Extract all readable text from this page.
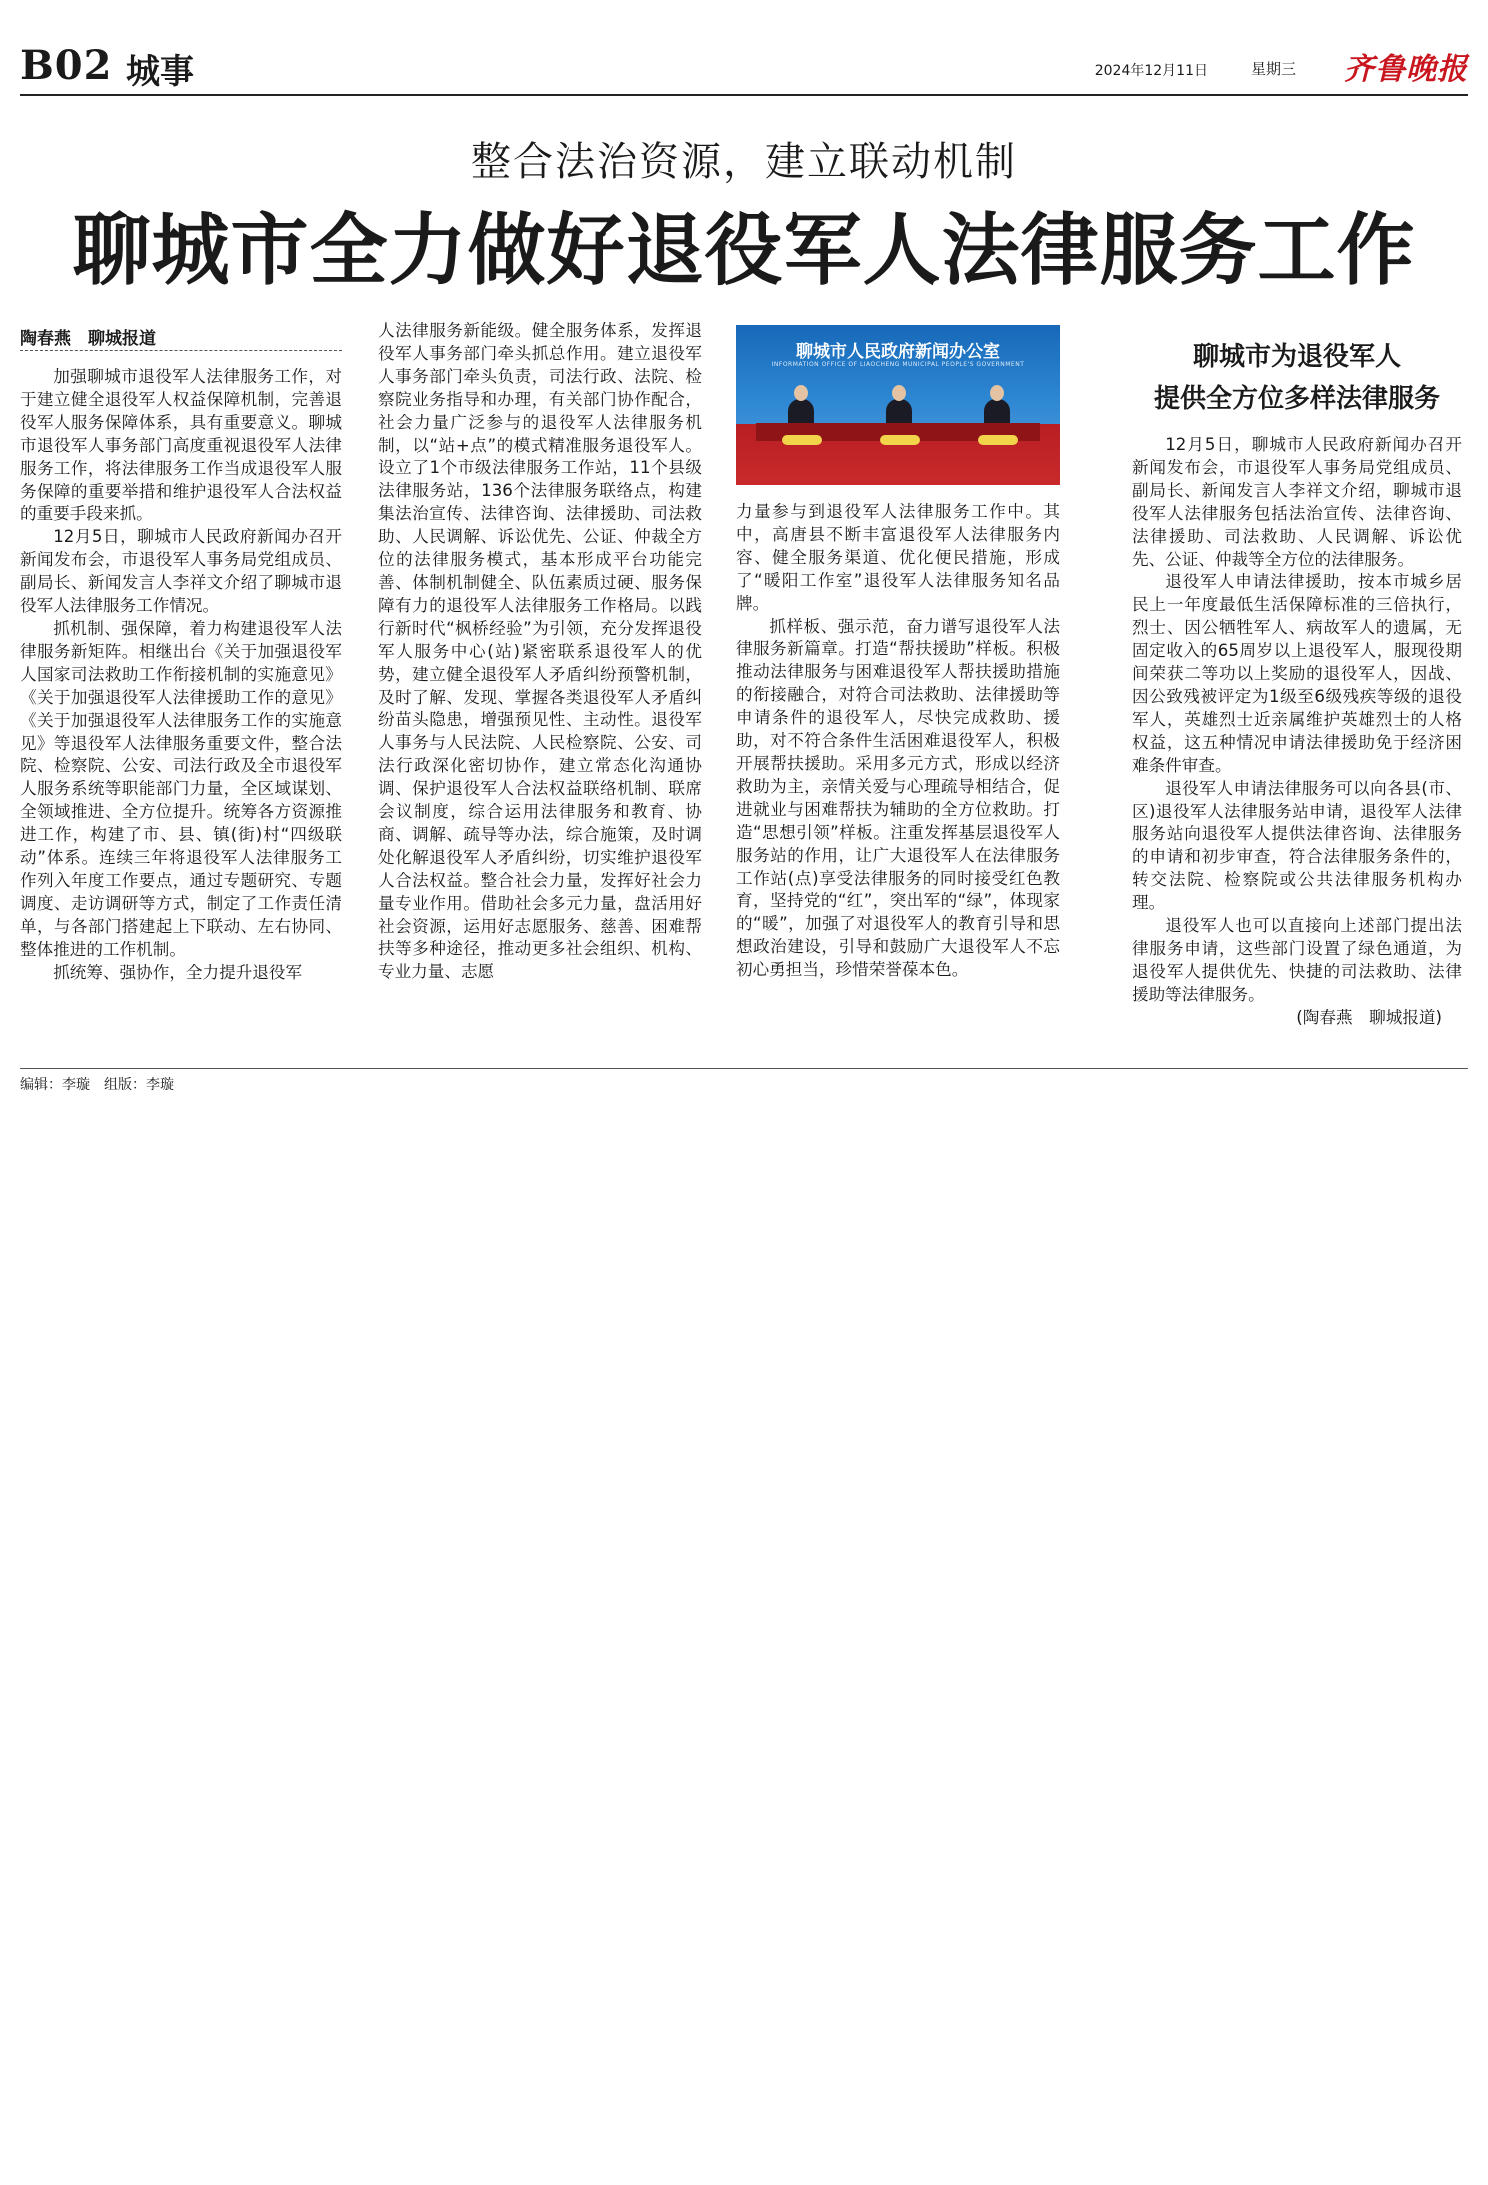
B02 城事	2024年12月11日	星期三 齐鲁晚报
整合法治资源，建立联动机制
聊城市全力做好退役军人法律服务工作
陶春燕　聊城报道

加强聊城市退役军人法律服务工作，对于建立健全退役军人权益保障机制，完善退役军人服务保障体系，具有重要意义。聊城市退役军人事务部门高度重视退役军人法律服务工作，将法律服务工作当成退役军人服务保障的重要举措和维护退役军人合法权益的重要手段来抓。

12月5日，聊城市人民政府新闻办召开新闻发布会，市退役军人事务局党组成员、副局长、新闻发言人李祥文介绍了聊城市退役军人法律服务工作情况。

抓机制、强保障，着力构建退役军人法律服务新矩阵。相继出台《关于加强退役军人国家司法救助工作衔接机制的实施意见》《关于加强退役军人法律援助工作的意见》《关于加强退役军人法律服务工作的实施意见》等退役军人法律服务重要文件，整合法院、检察院、公安、司法行政及全市退役军人服务系统等职能部门力量，全区域谋划、全领域推进、全方位提升。统筹各方资源推进工作，构建了市、县、镇(街)村“四级联动”体系。连续三年将退役军人法律服务工作列入年度工作要点，通过专题研究、专题调度、走访调研等方式，制定了工作责任清单，与各部门搭建起上下联动、左右协同、整体推进的工作机制。

抓统筹、强协作，全力提升退役军

人法律服务新能级。健全服务体系，发挥退役军人事务部门牵头抓总作用。建立退役军人事务部门牵头负责，司法行政、法院、检察院业务指导和办理，有关部门协作配合，社会力量广泛参与的退役军人法律服务机制，以“站+点”的模式精准服务退役军人。设立了1个市级法律服务工作站，11个县级法律服务站，136个法律服务联络点，构建集法治宣传、法律咨询、法律援助、司法救助、人民调解、诉讼优先、公证、仲裁全方位的法律服务模式，基本形成平台功能完善、体制机制健全、队伍素质过硬、服务保障有力的退役军人法律服务工作格局。以践行新时代“枫桥经验”为引领，充分发挥退役军人服务中心(站)紧密联系退役军人的优势，建立健全退役军人矛盾纠纷预警机制，及时了解、发现、掌握各类退役军人矛盾纠纷苗头隐患，增强预见性、主动性。退役军人事务与人民法院、人民检察院、公安、司法行政深化密切协作，建立常态化沟通协调、保护退役军人合法权益联络机制、联席会议制度，综合运用法律服务和教育、协商、调解、疏导等办法，综合施策，及时调处化解退役军人矛盾纠纷，切实维护退役军人合法权益。整合社会力量，发挥好社会力量专业作用。借助社会多元力量，盘活用好社会资源，运用好志愿服务、慈善、困难帮扶等多种途径，推动更多社会组织、机构、专业力量、志愿

聊城市人民政府新闻办公室
INFORMATION OFFICE OF LIAOCHENG MUNICIPAL PEOPLE'S GOVERNMENT

力量参与到退役军人法律服务工作中。其中，高唐县不断丰富退役军人法律服务内容、健全服务渠道、优化便民措施，形成了“暖阳工作室”退役军人法律服务知名品牌。

抓样板、强示范，奋力谱写退役军人法律服务新篇章。打造“帮扶援助”样板。积极推动法律服务与困难退役军人帮扶援助措施的衔接融合，对符合司法救助、法律援助等申请条件的退役军人，尽快完成救助、援助，对不符合条件生活困难退役军人，积极开展帮扶援助。采用多元方式，形成以经济救助为主，亲情关爱与心理疏导相结合，促进就业与困难帮扶为辅助的全方位救助。打造“思想引领”样板。注重发挥基层退役军人服务站的作用，让广大退役军人在法律服务工作站(点)享受法律服务的同时接受红色教育，坚持党的“红”，突出军的“绿”，体现家的“暖”，加强了对退役军人的教育引导和思想政治建设，引导和鼓励广大退役军人不忘初心勇担当，珍惜荣誉葆本色。

聊城市为退役军人
提供全方位多样法律服务

12月5日，聊城市人民政府新闻办召开新闻发布会，市退役军人事务局党组成员、副局长、新闻发言人李祥文介绍，聊城市退役军人法律服务包括法治宣传、法律咨询、法律援助、司法救助、人民调解、诉讼优先、公证、仲裁等全方位的法律服务。

退役军人申请法律援助，按本市城乡居民上一年度最低生活保障标准的三倍执行，烈士、因公牺牲军人、病故军人的遗属，无固定收入的65周岁以上退役军人，服现役期间荣获二等功以上奖励的退役军人，因战、因公致残被评定为1级至6级残疾等级的退役军人，英雄烈士近亲属维护英雄烈士的人格权益，这五种情况申请法律援助免于经济困难条件审查。

退役军人申请法律服务可以向各县(市、区)退役军人法律服务站申请，退役军人法律服务站向退役军人提供法律咨询、法律服务的申请和初步审查，符合法律服务条件的，转交法院、检察院或公共法律服务机构办理。

退役军人也可以直接向上述部门提出法律服务申请，这些部门设置了绿色通道，为退役军人提供优先、快捷的司法救助、法律援助等法律服务。

(陶春燕　聊城报道)

编辑：李璇　组版：李璇
